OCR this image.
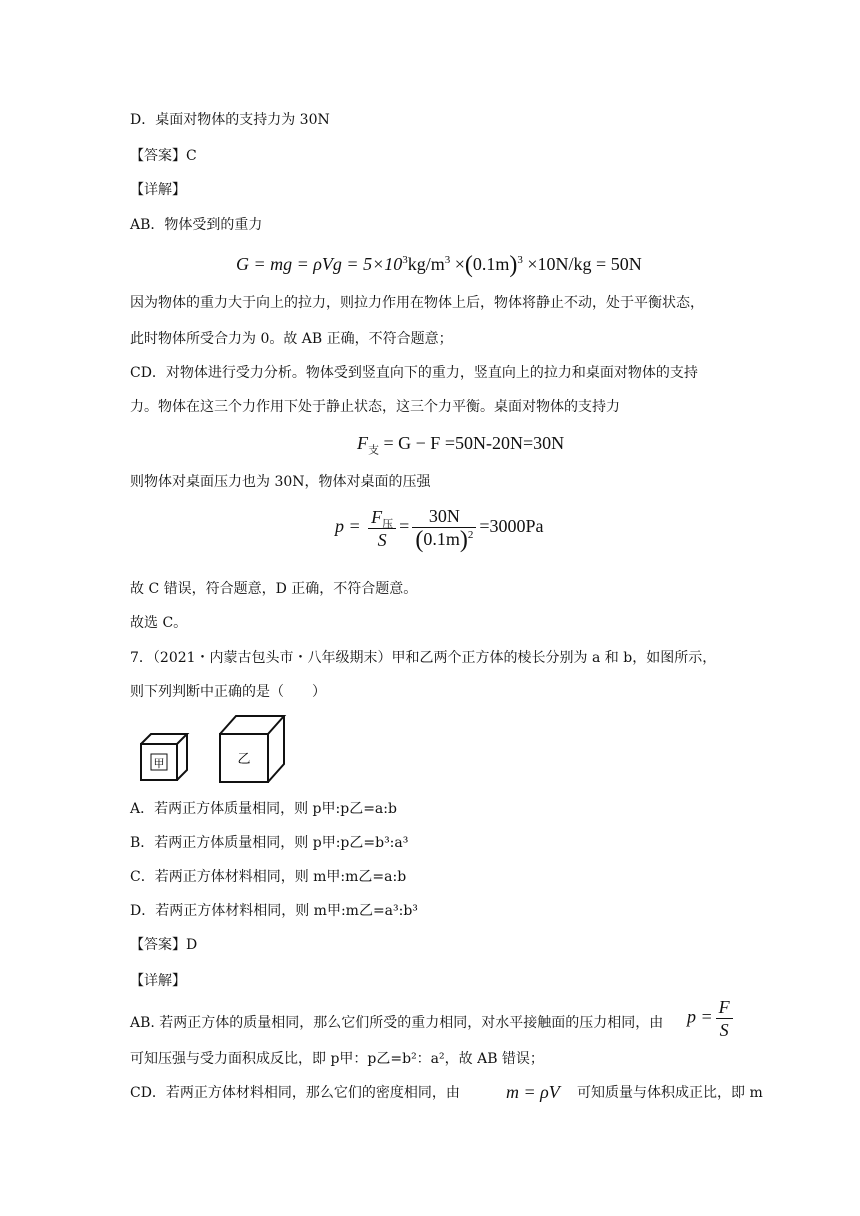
D．桌面对物体的支持力为 30N
【答案】C
【详解】
AB．物体受到的重力
G = mg = $\rho Vg = 5\times 10^3kg/m^3 \times(0.1m)^3 \times 10N/kg = 50N$
因为物体的重力大于向上的拉力，则拉力作用在物体上后，物体将静止不动，处于平衡状态，
此时物体所受合力为 0。故 AB 正确，不符合题意；
CD．对物体进行受力分析。物体受到竖直向下的重力，竖直向上的拉力和桌面对物体的支持
力。物体在这三个力作用下处于静止状态，这三个力平衡。桌面对物体的支持力
$F_支 = G - F =50N-20N=30N$
则物体对桌面压力也为 30N，物体对桌面的压强
$p = \frac{F_压}{S} = \frac{30N}{(0.1m)^2} =3000Pa$
故 C 错误，符合题意，D 正确，不符合题意。
故选 C。
7．（2021・内蒙古包头市・八年级期末）甲和乙两个正方体的棱长分别为 a 和 b，如图所示，
则下列判断中正确的是（　　）
甲	乙
A．若两正方体质量相同，则 p甲:p乙=a:b
B．若两正方体质量相同，则 p甲:p乙=b³:a³
C．若两正方体材料相同，则 m甲:m乙=a:b
D．若两正方体材料相同，则 m甲:m乙=a³:b³
【答案】D
【详解】
AB. 若两正方体的质量相同，那么它们所受的重力相同，对水平接触面的压力相同，由 $p = \frac{F}{S}$
可知压强与受力面积成反比，即 p甲：p乙=b²：a²，故 AB 错误；
CD．若两正方体材料相同，那么它们的密度相同，由	m = ρV 可知质量与体积成正比，即 m
